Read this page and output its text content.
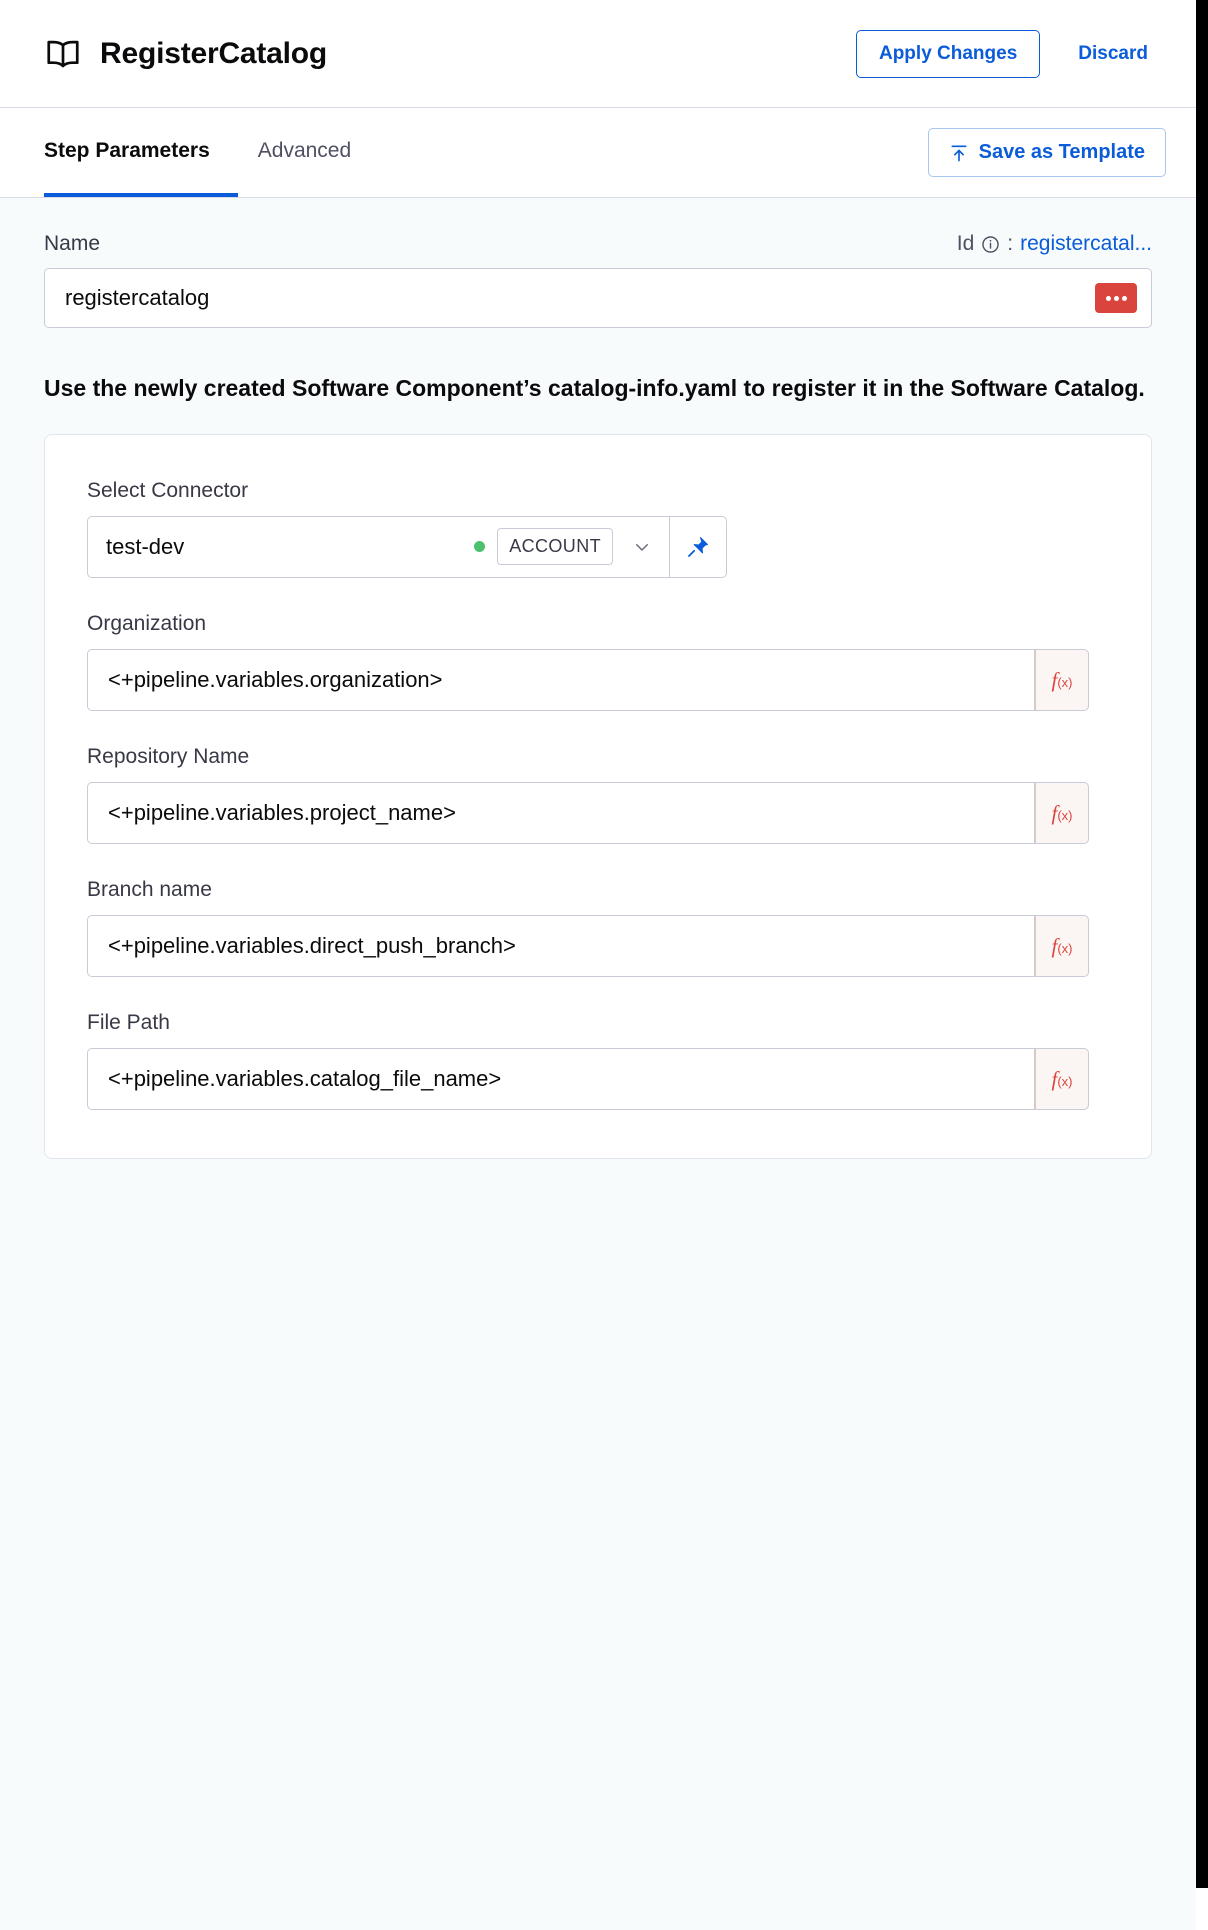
RegisterCatalog	Apply Changes	Discard
Step Parameters	Advanced	Save as Template
Name	Id : registercatal...
registercatalog
Use the newly created Software Component’s catalog-info.yaml to register it in the Software Catalog.
Select Connector
test-dev	ACCOUNT
Organization
<+pipeline.variables.organization>
f (x)
Repository Name
<+pipeline.variables.project_name>
f (x)
Branch name
<+pipeline.variables.direct_push_branch>
f (x)
File Path
<+pipeline.variables.catalog_file_name>
f (x)
